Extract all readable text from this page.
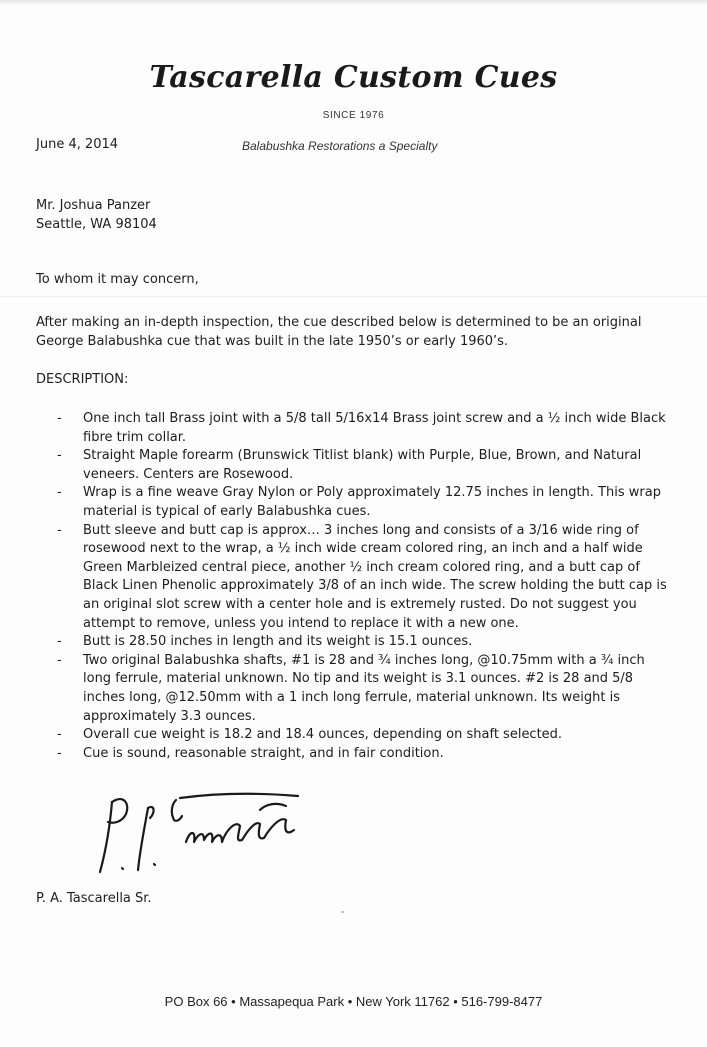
Tascarella Custom Cues
SINCE 1976
June 4, 2014	Balabushka Restorations a Specialty
Mr. Joshua Panzer
Seattle, WA 98104
To whom it may concern,
After making an in-depth inspection, the cue described below is determined to be an original George Balabushka cue that was built in the late 1950’s or early 1960’s.
DESCRIPTION:
- One inch tall Brass joint with a 5/8 tall 5/16x14 Brass joint screw and a ½ inch wide Black fibre trim collar.
- Straight Maple forearm (Brunswick Titlist blank) with Purple, Blue, Brown, and Natural veneers. Centers are Rosewood.
- Wrap is a fine weave Gray Nylon or Poly approximately 12.75 inches in length. This wrap material is typical of early Balabushka cues.
- Butt sleeve and butt cap is approx… 3 inches long and consists of a 3/16 wide ring of rosewood next to the wrap, a ½ inch wide cream colored ring, an inch and a half wide Green Marbleized central piece, another ½ inch cream colored ring, and a butt cap of Black Linen Phenolic approximately 3/8 of an inch wide. The screw holding the butt cap is an original slot screw with a center hole and is extremely rusted. Do not suggest you attempt to remove, unless you intend to replace it with a new one.
- Butt is 28.50 inches in length and its weight is 15.1 ounces.
- Two original Balabushka shafts, #1 is 28 and ¾ inches long, @10.75mm with a ¾ inch long ferrule, material unknown. No tip and its weight is 3.1 ounces. #2 is 28 and 5/8 inches long, @12.50mm with a 1 inch long ferrule, material unknown. Its weight is approximately 3.3 ounces.
- Overall cue weight is 18.2 and 18.4 ounces, depending on shaft selected.
- Cue is sound, reasonable straight, and in fair condition.
P. A. Tascarella Sr.
PO Box 66 • Massapequa Park • New York 11762 • 516-799-8477
